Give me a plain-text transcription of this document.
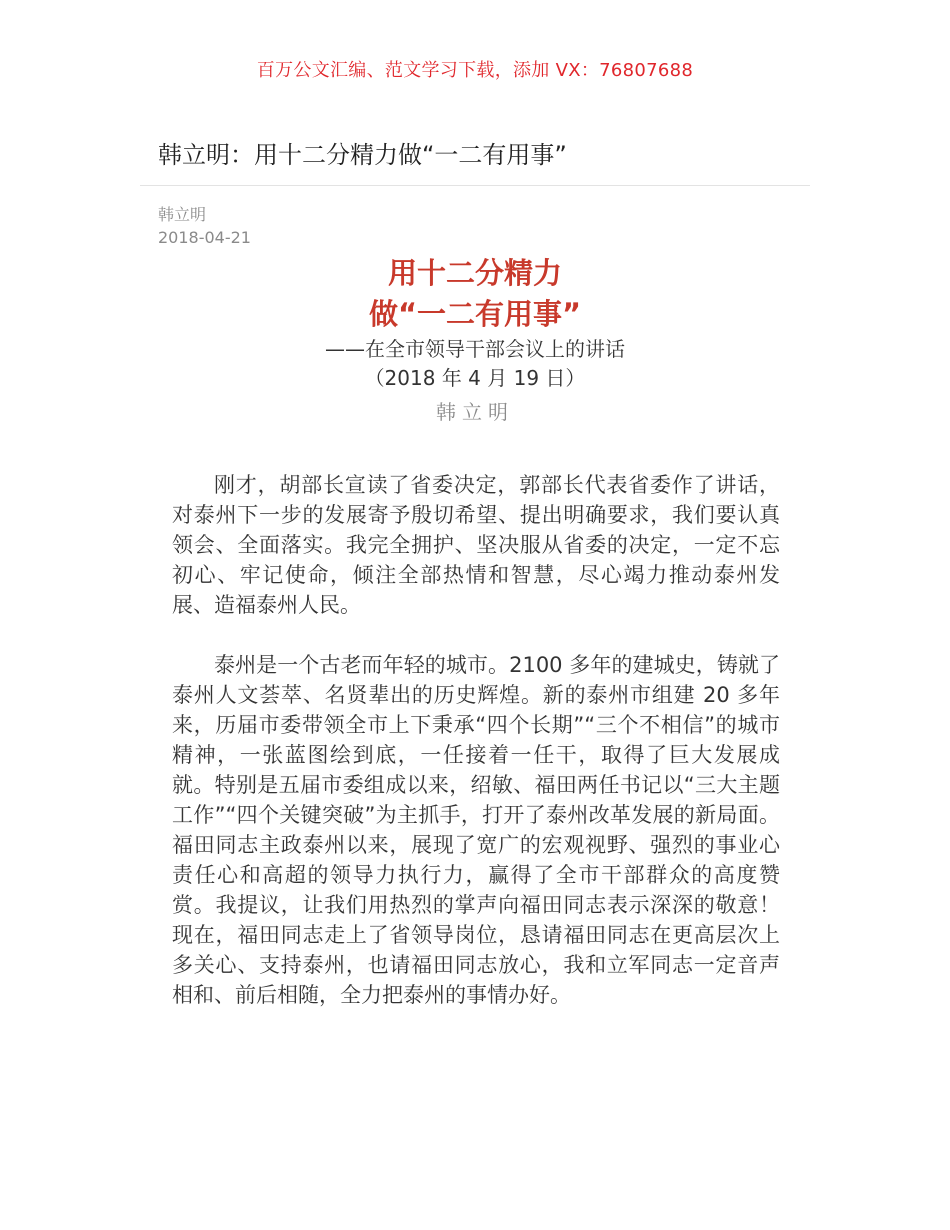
百万公文汇编、范文学习下载，添加 VX：76807688
韩立明：用十二分精力做“一二有用事”
韩立明
2018-04-21
用十二分精力
做“一二有用事”
——在全市领导干部会议上的讲话
（2018 年 4 月 19 日）
韩立明

刚才，胡部长宣读了省委决定，郭部长代表省委作了讲话，对泰州下一步的发展寄予殷切希望、提出明确要求，我们要认真领会、全面落实。我完全拥护、坚决服从省委的决定，一定不忘初心、牢记使命，倾注全部热情和智慧，尽心竭力推动泰州发展、造福泰州人民。

泰州是一个古老而年轻的城市。2100 多年的建城史，铸就了泰州人文荟萃、名贤辈出的历史辉煌。新的泰州市组建 20 多年来，历届市委带领全市上下秉承“四个长期”“三个不相信”的城市精神，一张蓝图绘到底，一任接着一任干，取得了巨大发展成就。特别是五届市委组成以来，绍敏、福田两任书记以“三大主题工作”“四个关键突破”为主抓手，打开了泰州改革发展的新局面。福田同志主政泰州以来，展现了宽广的宏观视野、强烈的事业心责任心和高超的领导力执行力，赢得了全市干部群众的高度赞赏。我提议，让我们用热烈的掌声向福田同志表示深深的敬意！现在，福田同志走上了省领导岗位，恳请福田同志在更高层次上多关心、支持泰州，也请福田同志放心，我和立军同志一定音声相和、前后相随，全力把泰州的事情办好。
